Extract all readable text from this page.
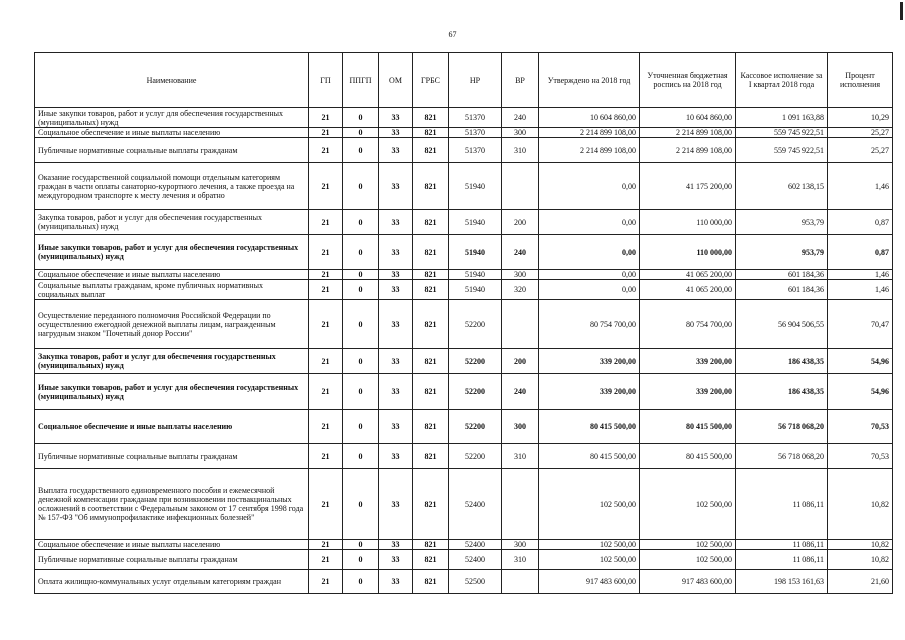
67
Наименование	ГП	ППГП	ОМ	ГРБС	НР	ВР	Утверждено на 2018 год	Уточненная бюджетная роспись на 2018 год	Кассовое исполнение за I квартал 2018 года	Процент исполнения
Иные закупки товаров, работ и услуг для обеспечения государственных (муниципальных) нужд	21	0	33	821	51370	240	10 604 860,00	10 604 860,00	1 091 163,88	10,29
Социальное обеспечение и иные выплаты населению	21	0	33	821	51370	300	2 214 899 108,00	2 214 899 108,00	559 745 922,51	25,27
Публичные нормативные социальные выплаты гражданам	21	0	33	821	51370	310	2 214 899 108,00	2 214 899 108,00	559 745 922,51	25,27
Оказание государственной социальной помощи отдельным категориям граждан в части оплаты санаторно-курортного лечения, а также проезда на междугородном транспорте к месту лечения и обратно	21	0	33	821	51940		0,00	41 175 200,00	602 138,15	1,46
Закупка товаров, работ и услуг для обеспечения государственных (муниципальных) нужд	21	0	33	821	51940	200	0,00	110 000,00	953,79	0,87
Иные закупки товаров, работ и услуг для обеспечения государственных (муниципальных) нужд	21	0	33	821	51940	240	0,00	110 000,00	953,79	0,87
Социальное обеспечение и иные выплаты населению	21	0	33	821	51940	300	0,00	41 065 200,00	601 184,36	1,46
Социальные выплаты гражданам, кроме публичных нормативных социальных выплат	21	0	33	821	51940	320	0,00	41 065 200,00	601 184,36	1,46
Осуществление переданного полномочия Российской Федерации по осуществлению ежегодной денежной выплаты лицам, награжденным нагрудным знаком "Почетный донор России"	21	0	33	821	52200		80 754 700,00	80 754 700,00	56 904 506,55	70,47
Закупка товаров, работ и услуг для обеспечения государственных (муниципальных) нужд	21	0	33	821	52200	200	339 200,00	339 200,00	186 438,35	54,96
Иные закупки товаров, работ и услуг для обеспечения государственных (муниципальных) нужд	21	0	33	821	52200	240	339 200,00	339 200,00	186 438,35	54,96
Социальное обеспечение и иные выплаты населению	21	0	33	821	52200	300	80 415 500,00	80 415 500,00	56 718 068,20	70,53
Публичные нормативные социальные выплаты гражданам	21	0	33	821	52200	310	80 415 500,00	80 415 500,00	56 718 068,20	70,53
Выплата государственного единовременного пособия и ежемесячной денежной компенсации гражданам при возникновении поствакцинальных осложнений в соответствии с Федеральным законом от 17 сентября 1998 года № 157-ФЗ "Об иммунопрофилактике инфекционных болезней"	21	0	33	821	52400		102 500,00	102 500,00	11 086,11	10,82
Социальное обеспечение и иные выплаты населению	21	0	33	821	52400	300	102 500,00	102 500,00	11 086,11	10,82
Публичные нормативные социальные выплаты гражданам	21	0	33	821	52400	310	102 500,00	102 500,00	11 086,11	10,82
Оплата жилищно-коммунальных услуг отдельным категориям граждан	21	0	33	821	52500		917 483 600,00	917 483 600,00	198 153 161,63	21,60
